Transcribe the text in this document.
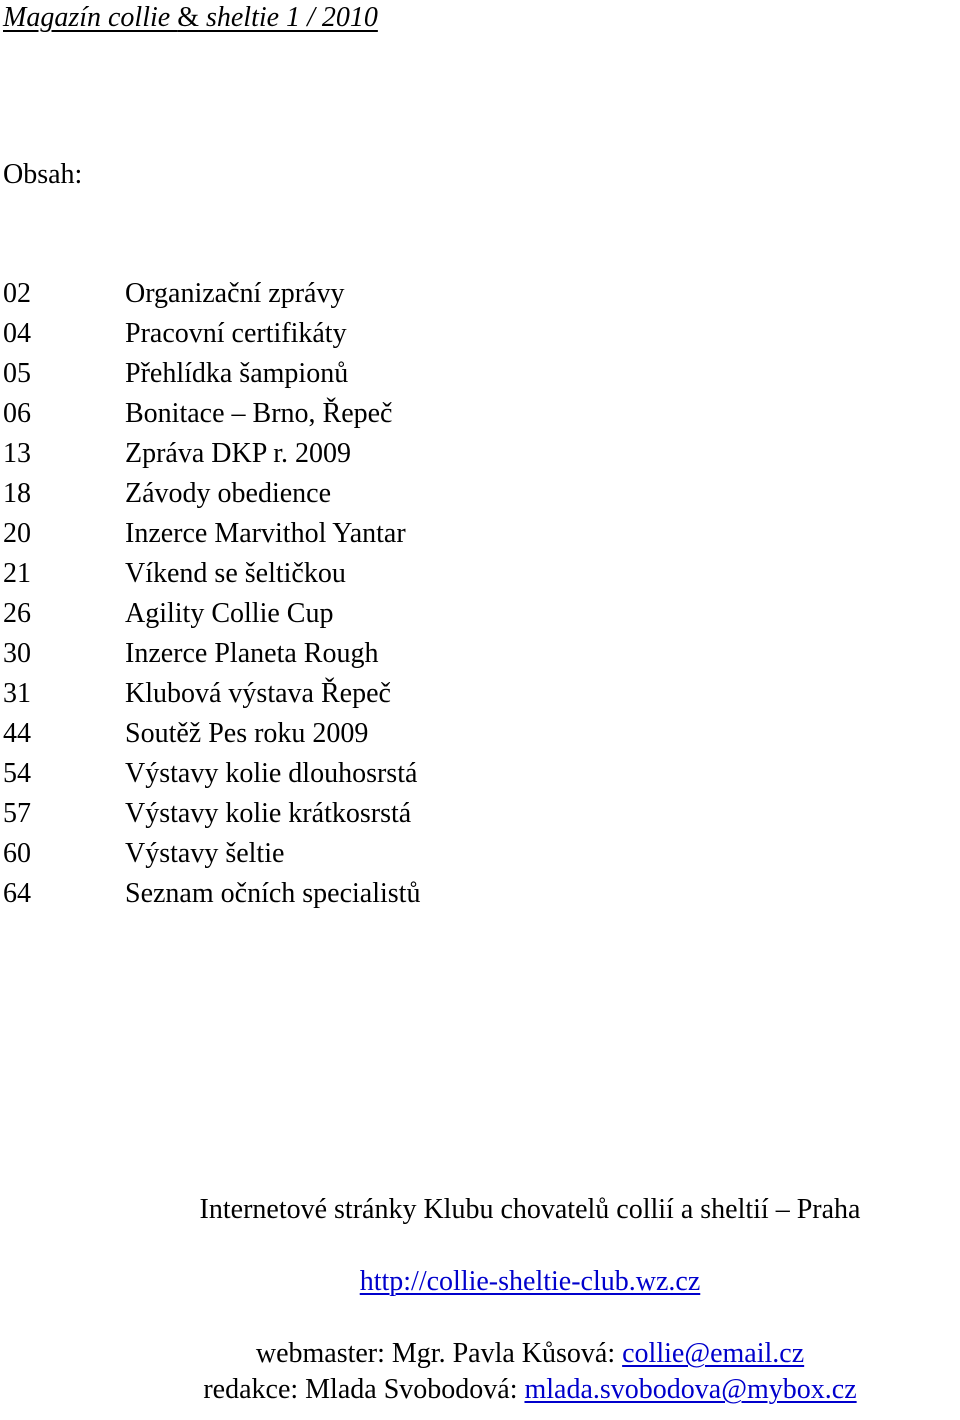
Magazín collie & sheltie 1 / 2010
Obsah:
02	Organizační zprávy
04	Pracovní certifikáty
05	Přehlídka šampionů
06	Bonitace – Brno, Řepeč
13	Zpráva DKP r. 2009
18	Závody obedience
20	Inzerce Marvithol Yantar
21	Víkend se šeltičkou
26	Agility Collie Cup
30	Inzerce Planeta Rough
31	Klubová výstava Řepeč
44	Soutěž Pes roku 2009
54	Výstavy kolie dlouhosrstá
57	Výstavy kolie krátkosrstá
60	Výstavy šeltie
64	Seznam očních specialistů
Internetové stránky Klubu chovatelů collií a sheltií – Praha
http://collie-sheltie-club.wz.cz
webmaster: Mgr. Pavla Kůsová: collie@email.cz
redakce: Mlada Svobodová: mlada.svobodova@mybox.cz
